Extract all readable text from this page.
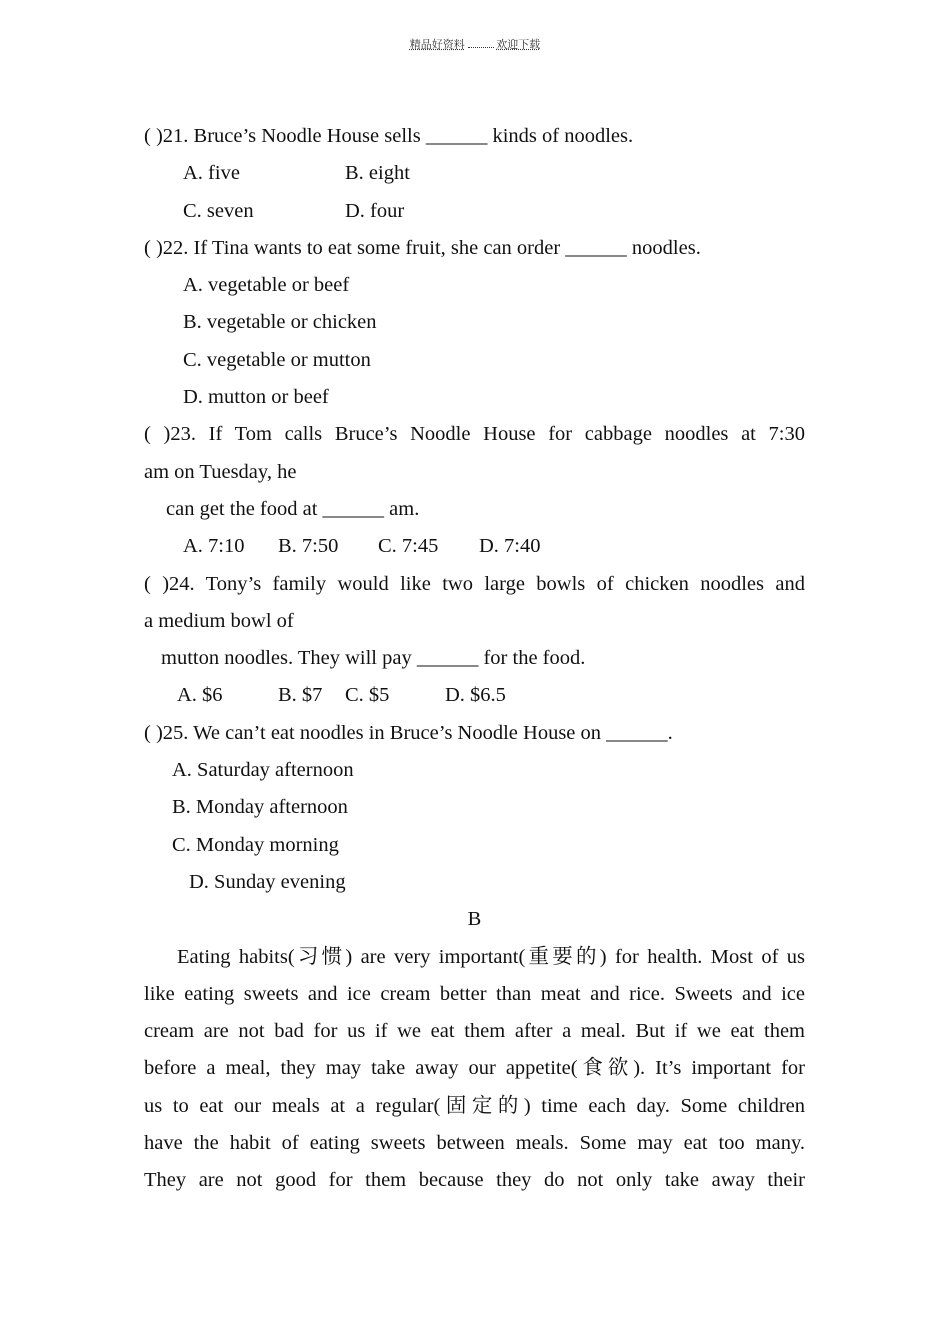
精品好资料	欢迎下载
( )21. Bruce’s Noodle House sells ______ kinds of noodles.
A. five	B. eight
C. seven	D. four
( )22. If Tina wants to eat some fruit, she can order ______ noodles.
A. vegetable or beef
B. vegetable or chicken
C. vegetable or mutton
D. mutton or beef
( )23. If Tom calls Bruce’s Noodle House for cabbage noodles at 7:30
am on Tuesday, he
can get the food at ______ am.
A. 7:10 B. 7:50 C. 7:45 D. 7:40
( )24. Tony’s family would like two large bowls of chicken noodles and
a medium bowl of
mutton noodles. They will pay ______ for the food.
A. $6	B. $7 C. $5	D. $6.5
( )25. We can’t eat noodles in Bruce’s Noodle House on ______.
A. Saturday afternoon
B. Monday afternoon
C. Monday morning
D. Sunday evening
B
Eating habits(习惯) are very important(重要的) for health. Most of us
like eating sweets and ice cream better than meat and rice. Sweets and ice
cream are not bad for us if we eat them after a meal. But if we eat them
before a meal, they may take away our appetite(食欲). It’s important for
us to eat our meals at a regular(固定的) time each day. Some children
have the habit of eating sweets between meals. Some may eat too many.
They are not good for them because they do not only take away their
